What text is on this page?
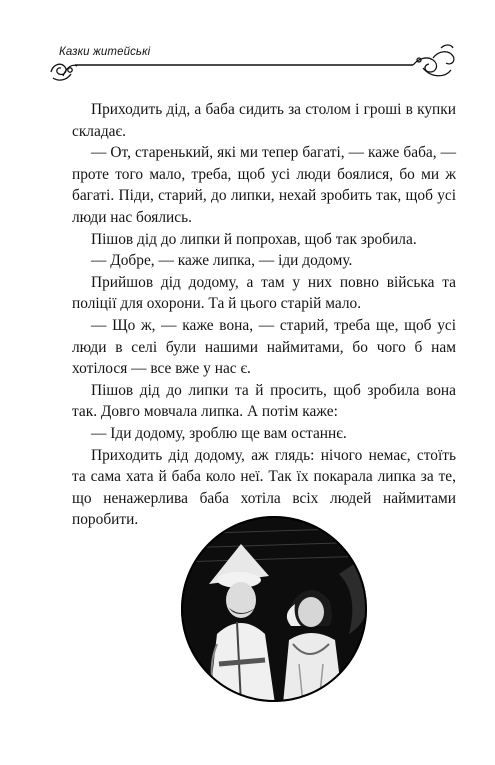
Казки житейські

Приходить дід, а баба сидить за столом і гроші в купки складає.

— От, старенький, які ми тепер багаті, — каже баба, — проте того мало, треба, щоб усі люди боялися, бо ми ж багаті. Піди, старий, до липки, нехай зробить так, щоб усі люди нас боялись.

Пішов дід до липки й попрохав, щоб так зробила.

— Добре, — каже липка, — іди додому.

Прийшов дід додому, а там у них повно війська та поліції для охорони. Та й цього старій мало.

— Що ж, — каже вона, — старий, треба ще, щоб усі люди в селі були нашими наймитами, бо чого б нам хотілося — все вже у нас є.

Пішов дід до липки та й просить, щоб зробила вона так. Довго мовчала липка. А потім каже:

— Іди додому, зроблю ще вам останнє.

Приходить дід додому, аж глядь: нічого немає, стоїть та сама хата й баба коло неї. Так їх покарала липка за те, що ненажерлива баба хотіла всіх людей наймитами поробити.
